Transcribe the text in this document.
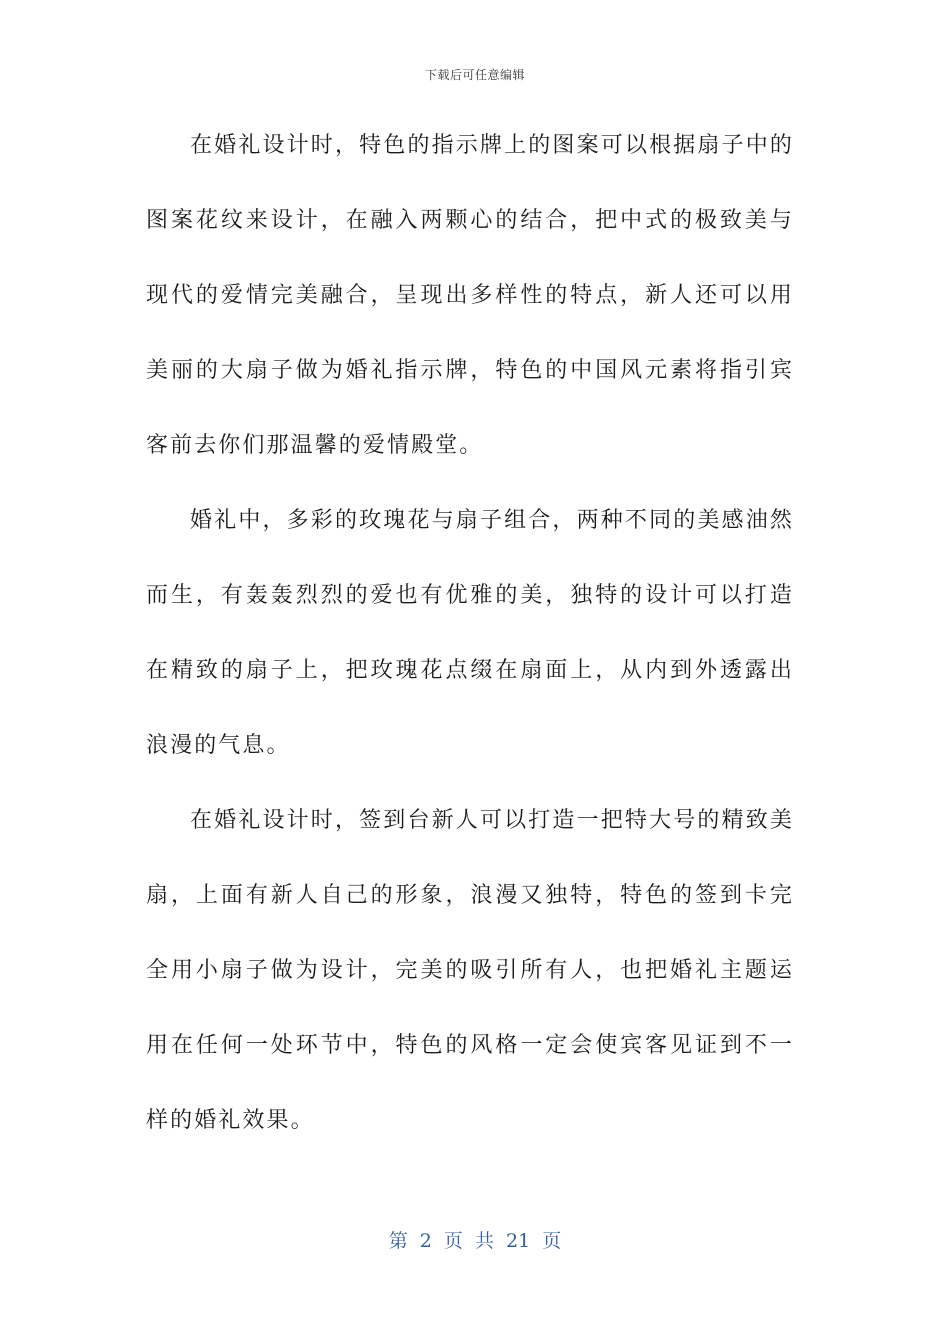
下载后可任意编辑

在婚礼设计时，特色的指示牌上的图案可以根据扇子中的图案花纹来设计，在融入两颗心的结合，把中式的极致美与现代的爱情完美融合，呈现出多样性的特点，新人还可以用美丽的大扇子做为婚礼指示牌，特色的中国风元素将指引宾客前去你们那温馨的爱情殿堂。

婚礼中，多彩的玫瑰花与扇子组合，两种不同的美感油然而生，有轰轰烈烈的爱也有优雅的美，独特的设计可以打造在精致的扇子上，把玫瑰花点缀在扇面上，从内到外透露出浪漫的气息。

在婚礼设计时，签到台新人可以打造一把特大号的精致美扇，上面有新人自己的形象，浪漫又独特，特色的签到卡完全用小扇子做为设计，完美的吸引所有人，也把婚礼主题运用在任何一处环节中，特色的风格一定会使宾客见证到不一样的婚礼效果。

第 2 页 共 21 页
